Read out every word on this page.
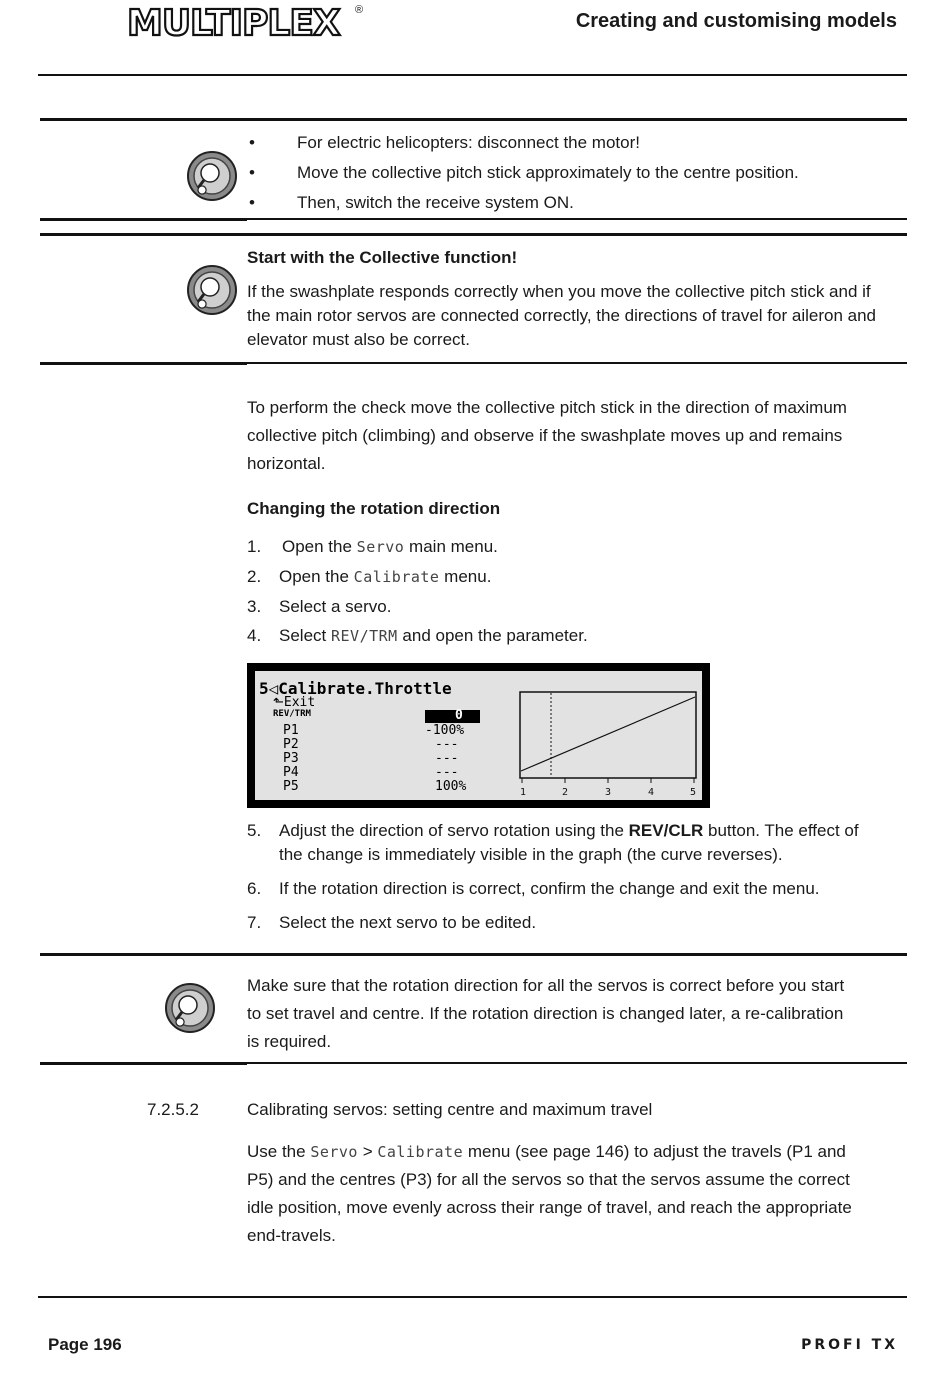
MULTIPLEX ®	Creating and customising models
• For electric helicopters: disconnect the motor!
• Move the collective pitch stick approximately to the centre position.
• Then, switch the receive system ON.
Start with the Collective function!
If the swashplate responds correctly when you move the collective pitch stick and if
the main rotor servos are connected correctly, the directions of travel for aileron and
elevator must also be correct.
To perform the check move the collective pitch stick in the direction of maximum
collective pitch (climbing) and observe if the swashplate moves up and remains
horizontal.
Changing the rotation direction
1. Open the Servo main menu.
2. Open the Calibrate menu.
3. Select a servo.
4. Select REV/TRM and open the parameter.
5◁Calibrate.Throttle
⬑Exit
REV/TRM	0
P1	-100%
P2	---
P3	---
P4	---
P5	100%	1	2	3	4	5
5. Adjust the direction of servo rotation using the REV/CLR button. The effect of
the change is immediately visible in the graph (the curve reverses).
6. If the rotation direction is correct, confirm the change and exit the menu.
7. Select the next servo to be edited.
Make sure that the rotation direction for all the servos is correct before you start
to set travel and centre. If the rotation direction is changed later, a re-calibration
is required.
7.2.5.2	Calibrating servos: setting centre and maximum travel
Use the Servo > Calibrate menu (see page 146) to adjust the travels (P1 and
P5) and the centres (P3) for all the servos so that the servos assume the correct
idle position, move evenly across their range of travel, and reach the appropriate
end-travels.
Page 196	PROFI TX
